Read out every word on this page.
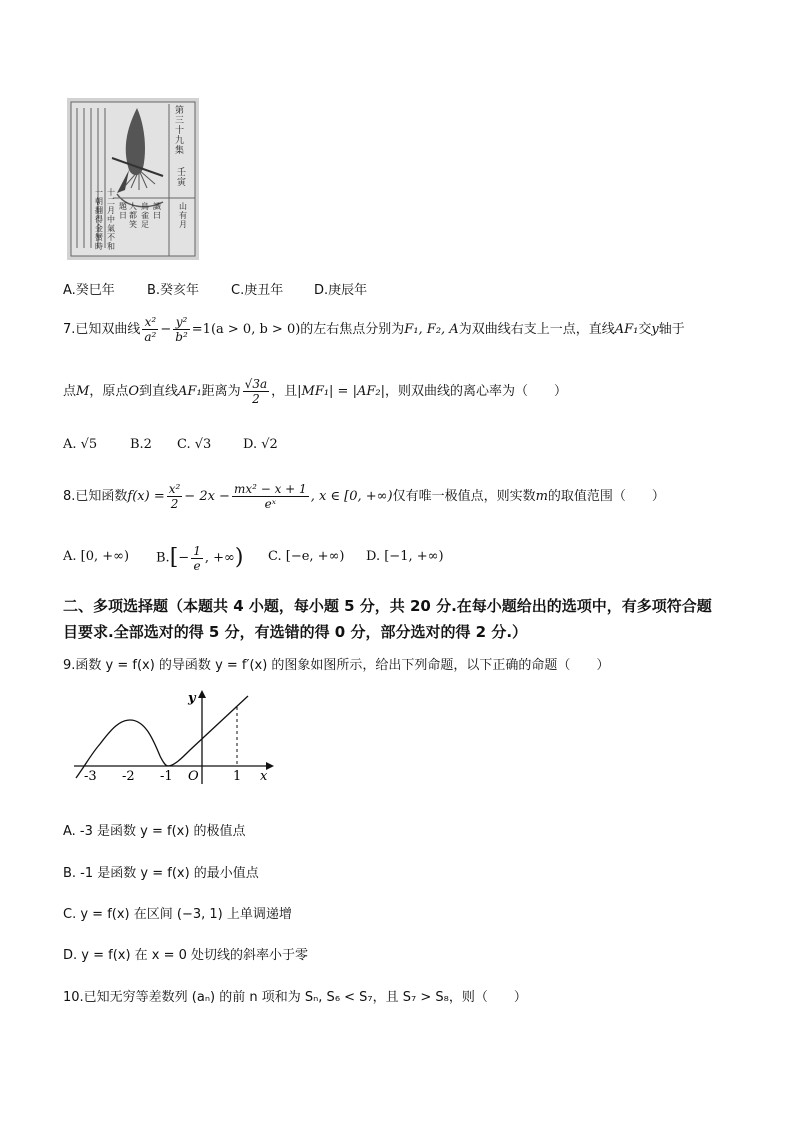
第三十九集
壬寅
識曰
鳥雀足
人都笑
題日
山有月
十二月中氣不和
一朝翻得金蟹時
A.癸巳年 B.癸亥年 C.庚丑年 D.庚辰年
7.已知双曲线 $\frac{\text{x²}}{\text{a²}} - \frac{\text{y²}}{\text{b²}} =1(a > 0$, b > 0)的左右焦点分别为F₁, F₂, A为双曲线右支上一点，直线AF₁交y轴于
点M，原点O到直线AF₁距离为 $\frac{√3a}{2}$ ，且|MF₁| = |AF₂|，则双曲线的离心率为（　　）
A. √5	B.2 C. √3 D. √2
8.已知函数$f(x) = \frac{\text{x²}}{2} - 2x - \frac{\text{mx² − x + 1}}{\text{eˣ}}$ , x ∈ [0, +∞)仅有唯一极值点，则实数m的取值范围（　　）
A. [0, +∞) $B.[- \frac{1}{e}$ , +∞) C. [−e, +∞) D. [−1, +∞)
二、多项选择题（本题共 4 小题，每小题 5 分，共 20 分.在每小题给出的选项中，有多项符合题
目要求.全部选对的得 5 分，有选错的得 0 分，部分选对的得 2 分.）
9.函数 y = f(x) 的导函数 y = f′(x) 的图象如图所示，给出下列命题，以下正确的命题（　　）
-3 -2 -1 O	1 x
y
A. -3 是函数 y = f(x) 的极值点
B. -1 是函数 y = f(x) 的最小值点
C. y = f(x) 在区间 (−3, 1) 上单调递增
D. y = f(x) 在 x = 0 处切线的斜率小于零
10.已知无穷等差数列 (aₙ) 的前 n 项和为 Sₙ, S₆ < S₇，且 S₇ > S₈，则（　　）
